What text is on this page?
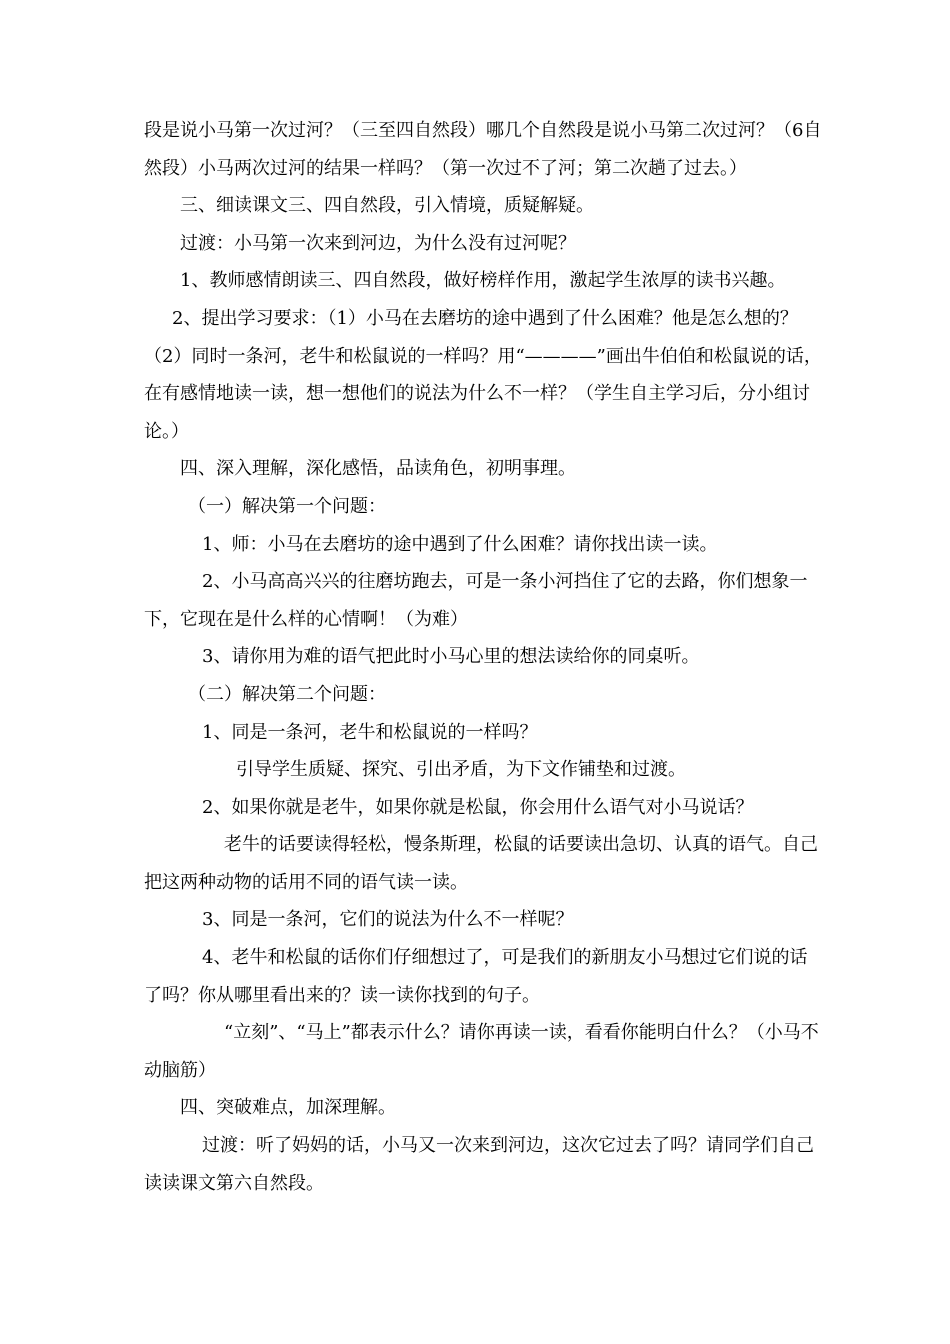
段是说小马第一次过河？（三至四自然段）哪几个自然段是说小马第二次过河？（6自然段）小马两次过河的结果一样吗？（第一次过不了河；第二次趟了过去。）

三、细读课文三、四自然段，引入情境，质疑解疑。

过渡：小马第一次来到河边，为什么没有过河呢？

1、教师感情朗读三、四自然段，做好榜样作用，激起学生浓厚的读书兴趣。

2、提出学习要求：（1）小马在去磨坊的途中遇到了什么困难？他是怎么想的？（2）同时一条河，老牛和松鼠说的一样吗？用“————”画出牛伯伯和松鼠说的话，在有感情地读一读，想一想他们的说法为什么不一样？（学生自主学习后，分小组讨论。）

四、深入理解，深化感悟，品读角色，初明事理。

（一）解决第一个问题：

1、师：小马在去磨坊的途中遇到了什么困难？请你找出读一读。

2、小马高高兴兴的往磨坊跑去，可是一条小河挡住了它的去路，你们想象一下，它现在是什么样的心情啊！（为难）

3、请你用为难的语气把此时小马心里的想法读给你的同桌听。

（二）解决第二个问题：

1、同是一条河，老牛和松鼠说的一样吗？

引导学生质疑、探究、引出矛盾，为下文作铺垫和过渡。

2、如果你就是老牛，如果你就是松鼠，你会用什么语气对小马说话？

老牛的话要读得轻松，慢条斯理，松鼠的话要读出急切、认真的语气。自己把这两种动物的话用不同的语气读一读。

3、同是一条河，它们的说法为什么不一样呢？

4、老牛和松鼠的话你们仔细想过了，可是我们的新朋友小马想过它们说的话了吗？你从哪里看出来的？读一读你找到的句子。

“立刻”、“马上”都表示什么？请你再读一读，看看你能明白什么？（小马不动脑筋）

四、突破难点，加深理解。

过渡：听了妈妈的话，小马又一次来到河边，这次它过去了吗？请同学们自己读读课文第六自然段。
